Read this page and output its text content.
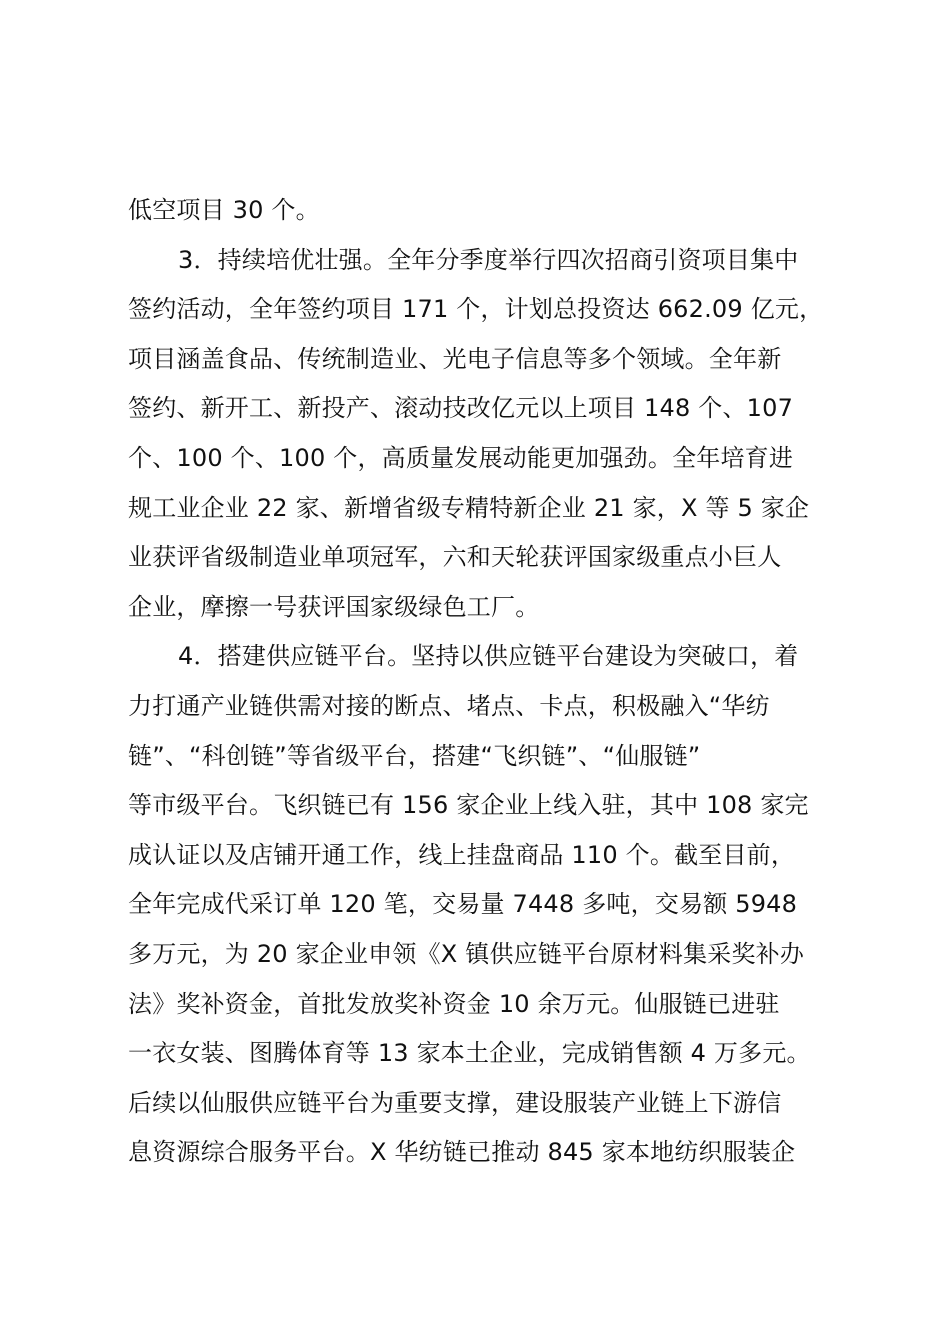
低空项目 30 个。
3．持续培优壮强。全年分季度举行四次招商引资项目集中
签约活动，全年签约项目 171 个，计划总投资达 662.09 亿元，
项目涵盖食品、传统制造业、光电子信息等多个领域。全年新
签约、新开工、新投产、滚动技改亿元以上项目 148 个、107
个、100 个、100 个，高质量发展动能更加强劲。全年培育进
规工业企业 22 家、新增省级专精特新企业 21 家，X 等 5 家企
业获评省级制造业单项冠军，六和天轮获评国家级重点小巨人
企业，摩擦一号获评国家级绿色工厂。
4．搭建供应链平台。坚持以供应链平台建设为突破口，着
力打通产业链供需对接的断点、堵点、卡点，积极融入“华纺
链”、“科创链”等省级平台，搭建“飞织链”、“仙服链”
等市级平台。飞织链已有 156 家企业上线入驻，其中 108 家完
成认证以及店铺开通工作，线上挂盘商品 110 个。截至目前，
全年完成代采订单 120 笔，交易量 7448 多吨，交易额 5948
多万元，为 20 家企业申领《X 镇供应链平台原材料集采奖补办
法》奖补资金，首批发放奖补资金 10 余万元。仙服链已进驻
一衣女装、图腾体育等 13 家本土企业，完成销售额 4 万多元。
后续以仙服供应链平台为重要支撑，建设服装产业链上下游信
息资源综合服务平台。X 华纺链已推动 845 家本地纺织服装企
